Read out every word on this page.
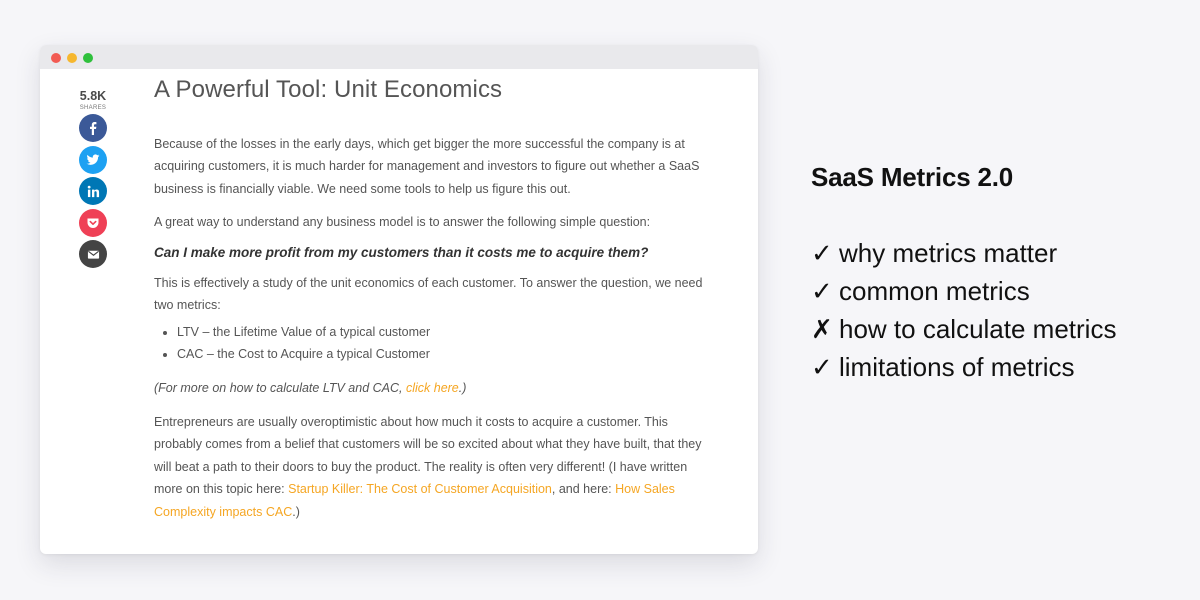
5.8K
SHARES
A Powerful Tool: Unit Economics

Because of the losses in the early days, which get bigger the more successful the company is at acquiring customers, it is much harder for management and investors to figure out whether a SaaS business is financially viable. We need some tools to help us figure this out.

A great way to understand any business model is to answer the following simple question:

Can I make more profit from my customers than it costs me to acquire them?

This is effectively a study of the unit economics of each customer. To answer the question, we need two metrics:

• LTV – the Lifetime Value of a typical customer
• CAC – the Cost to Acquire a typical Customer

(For more on how to calculate LTV and CAC, click here.)

Entrepreneurs are usually overoptimistic about how much it costs to acquire a customer. This probably comes from a belief that customers will be so excited about what they have built, that they will beat a path to their doors to buy the product. The reality is often very different! (I have written more on this topic here: Startup Killer: The Cost of Customer Acquisition, and here: How Sales Complexity impacts CAC.)

SaaS Metrics 2.0
✓ why metrics matter
✓ common metrics
✗ how to calculate metrics
✓ limitations of metrics
